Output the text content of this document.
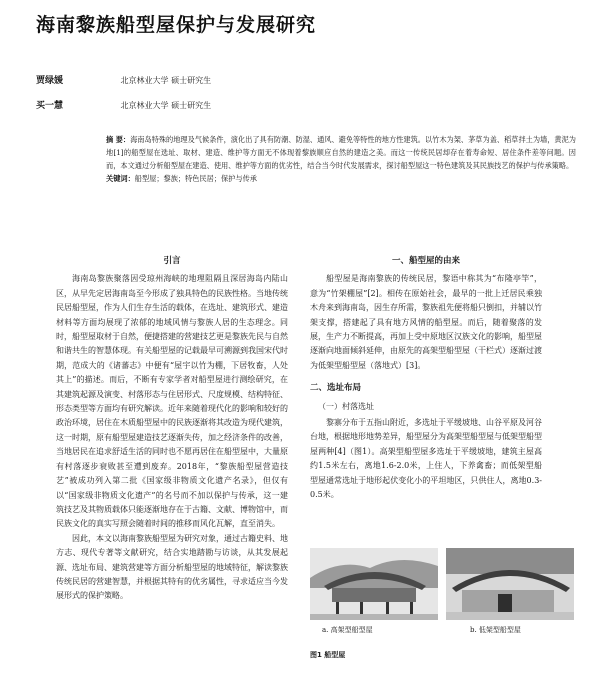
海南黎族船型屋保护与发展研究
贾绿媛	北京林业大学 硕士研究生
买一慧	北京林业大学 硕士研究生
摘 要：海南岛特殊的地理及气候条件，演化出了具有防潮、防湿、通风、避免等特性的地方性建筑。以竹木为架、茅草为盖、稻草拌土为墙，黄泥为地[1]的船型屋在选址、取材、建造、维护等方面无不体现着黎族顺应自然的建造之美。而这一传统民居却存在着寿命短、居住条件差等问题。因而，本文通过分析船型屋在建造、使用、维护等方面的优劣性，结合当今时代发展需求，探讨船型屋这一特色建筑及其民族技艺的保护与传承策略。
关键词：船型屋；黎族；特色民居；保护与传承
引言

海南岛黎族聚落因受琼州海峡的地理阻隔且深居海岛内陆山区，从早先定居海南岛至今形成了独具特色的民族性格。当地传统民居船型屋，作为人们生存生活的载体，在选址、建筑形式、建造材料等方面均展现了浓郁的地域风情与黎族人居的生态理念。同时，船型屋取材于自然，便捷搭建的营建技艺更是黎族先民与自然和谐共生的智慧体现。有关船型屋的记载最早可溯源到我国宋代时期，范成大的《诸蕃志》中便有“屋宇以竹为棚，下居牧畜，人处其上”的描述。而后，不断有专家学者对船型屋进行测绘研究，在其建筑起源及演变、村落形态与住居形式、尺度规模、结构特征、形态类型等方面均有研究解读。近年来随着现代化的影响和较好的政治环境，居住在木质船型屋中的民族逐渐将其改造为现代建筑，这一时期，原有船型屋建造技艺逐渐失传，加之经济条件的改善，当地居民在追求舒适生活的同时也不愿再居住在船型屋中，大量原有村落逐步衰败甚至遭到废弃。2018年，“黎族船型屋营造技艺”被成功列入第二批《国家级非物质文化遗产名录》，但仅有以“国家级非物质文化遗产”的名号而不加以保护与传承，这一建筑技艺及其物质载体只能逐渐地存在于古籍、文献、博物馆中，而民族文化的真实写照会随着时间的推移而风化瓦解，直至消失。

因此，本文以海南黎族船型屋为研究对象，通过古籍史料、地方志、现代专著等文献研究，结合实地踏勘与访谈，从其发展起源、选址布局、建筑营建等方面分析船型屋的地域特征，解读黎族传统民居的营建智慧，并根据其特有的优劣属性，寻求适应当今发展形式的保护策略。

一、船型屋的由来

船型屋是海南黎族的传统民居，黎语中称其为“布隆亭竿”，意为“竹架棚屋”[2]。相传在原始社会，最早的一批上迁居民乘独木舟来到海南岛，因生存所需，黎族祖先便将船只倒扣，并辅以竹架支撑，搭建起了具有地方风情的船型屋。而后，随着聚落的发展，生产力不断提高，再加上受中原地区汉族文化的影响，船型屋逐渐向地面倾斜延伸，由原先的高架型船型屋（干栏式）逐渐过渡为低架型船型屋（落地式）[3]。

二、选址布局
（一）村落选址

黎寨分布于五指山附近，多选址于平缓坡地、山谷平原及河谷台地，根据地形地势差异，船型屋分为高架型船型屋与低架型船型屋两种[4]（图1）。高架型船型屋多选址于平缓坡地，建筑主屋高约1.5米左右，离地1.6-2.0米，上住人，下养禽畜；而低架型船型屋通常选址于地形起伏变化小的平坦地区，只供住人，离地0.3-0.5米。

a. 高架型船型屋	b. 低架型船型屋
图1 船型屋
